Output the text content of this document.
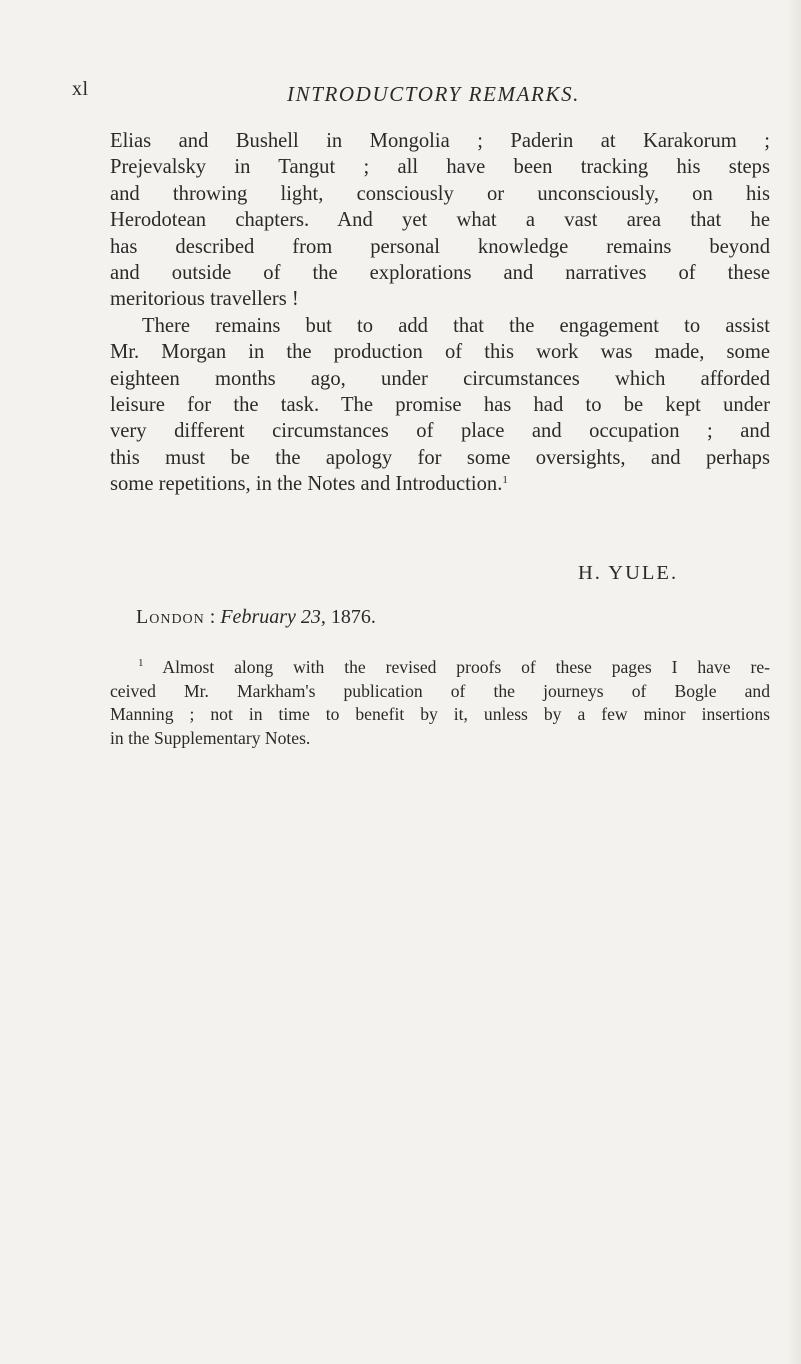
xl	INTRODUCTORY REMARKS.
Elias and Bushell in Mongolia ; Paderin at Karakorum ;
Prejevalsky in Tangut ; all have been tracking his steps
and throwing light, consciously or unconsciously, on his
Herodotean chapters. And yet what a vast area that he
has described from personal knowledge remains beyond
and outside of the explorations and narratives of these
meritorious travellers !
There remains but to add that the engagement to assist
Mr. Morgan in the production of this work was made, some
eighteen months ago, under circumstances which afforded
leisure for the task. The promise has had to be kept under
very different circumstances of place and occupation ; and
this must be the apology for some oversights, and perhaps
some repetitions, in the Notes and Introduction.$^1$
H. YULE.
London : February 23, 1876.
$^1$ Almost along with the revised proofs of these pages I have re-
ceived Mr. Markham's publication of the journeys of Bogle and
Manning ; not in time to benefit by it, unless by a few minor insertions
in the Supplementary Notes.
